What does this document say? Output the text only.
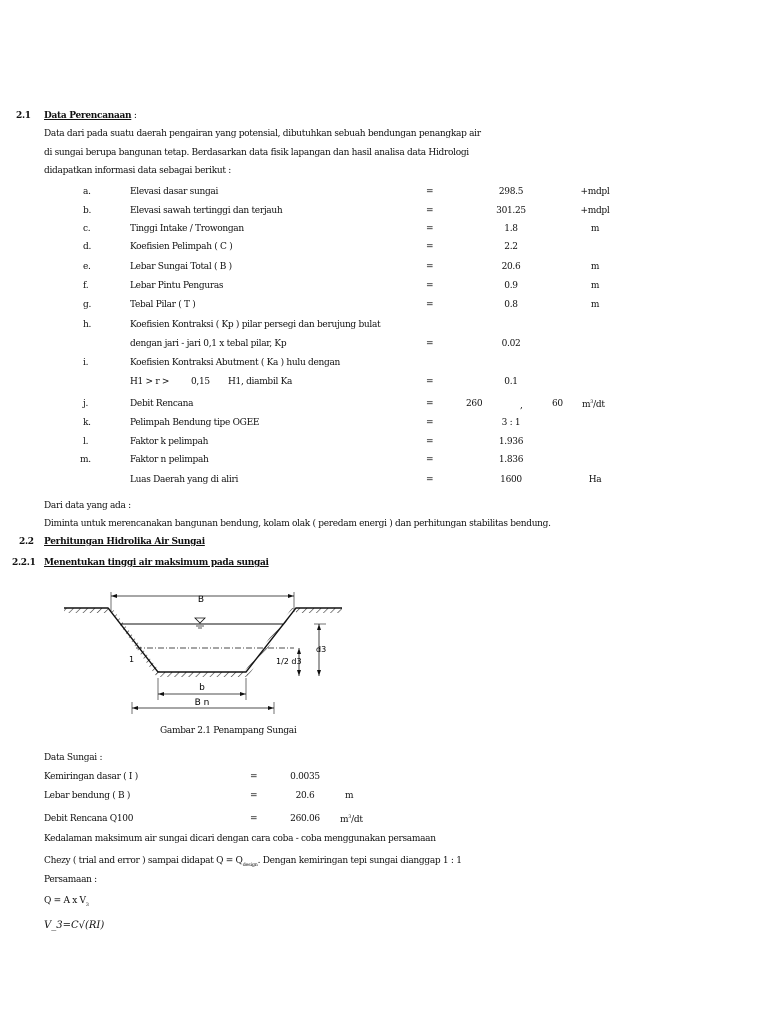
2.1 Data Perencanaan :
Data dari pada suatu daerah pengairan yang potensial, dibutuhkan sebuah bendungan penangkap air
di sungai berupa bangunan tetap. Berdasarkan data fisik lapangan dan hasil analisa data Hidrologi
didapatkan informasi data sebagai berikut :
a.	Elevasi dasar sungai	=	298.5	+mdpl
b.	Elevasi sawah tertinggi dan terjauh	=	301.25	+mdpl
c.	Tinggi Intake / Trowongan	=	1.8	m
d.	Koefisien Pelimpah ( C )	=	2.2
e.	Lebar Sungai Total ( B )	=	20.6	m
f.	Lebar Pintu Penguras	=	0.9	m
g.	Tebal Pilar ( T )	=	0.8	m
h.	Koefisien Kontraksi ( Kp ) pilar persegi dan berujung bulat
dengan jari - jari 0,1 x tebal pilar, Kp	=	0.02
i.	Koefisien Kontraksi Abutment ( Ka ) hulu dengan
H1 > r > 0,15 H1, diambil Ka	=	0.1
j.	Debit Rencana	=	260	,	60 $m^3/dt$
k.	Pelimpah Bendung tipe OGEE	=	3 : 1
l.	Faktor k pelimpah	=	1.936
m.	Faktor n pelimpah	=	1.836
Luas Daerah yang di aliri	=	1600	Ha
Dari data yang ada :
Diminta untuk merencanakan bangunan bendung, kolam olak ( peredam energi ) dan perhitungan stabilitas bendung.
2.2 Perhitungan Hidrolika Air Sungai
2.2.1 Menentukan tinggi air maksimum pada sungai
B
d3
1/2 d3
1
b
B n
Gambar 2.1 Penampang Sungai
Data Sungai :
Kemiringan dasar ( I )	=	0.0035
Lebar bendung ( B )	=	20.6	m
Debit Rencana Q100	=	260.06	$m^3/dt$
Kedalaman maksimum air sungai dicari dengan cara coba - coba menggunakan persamaan
Chezy ( trial and error ) sampai didapat $Q = Q_{design}$. Dengan kemiringan tepi sungai dianggap 1 : 1
Persamaan :
Q = A x $V_3$
V_3=C√(RI)
